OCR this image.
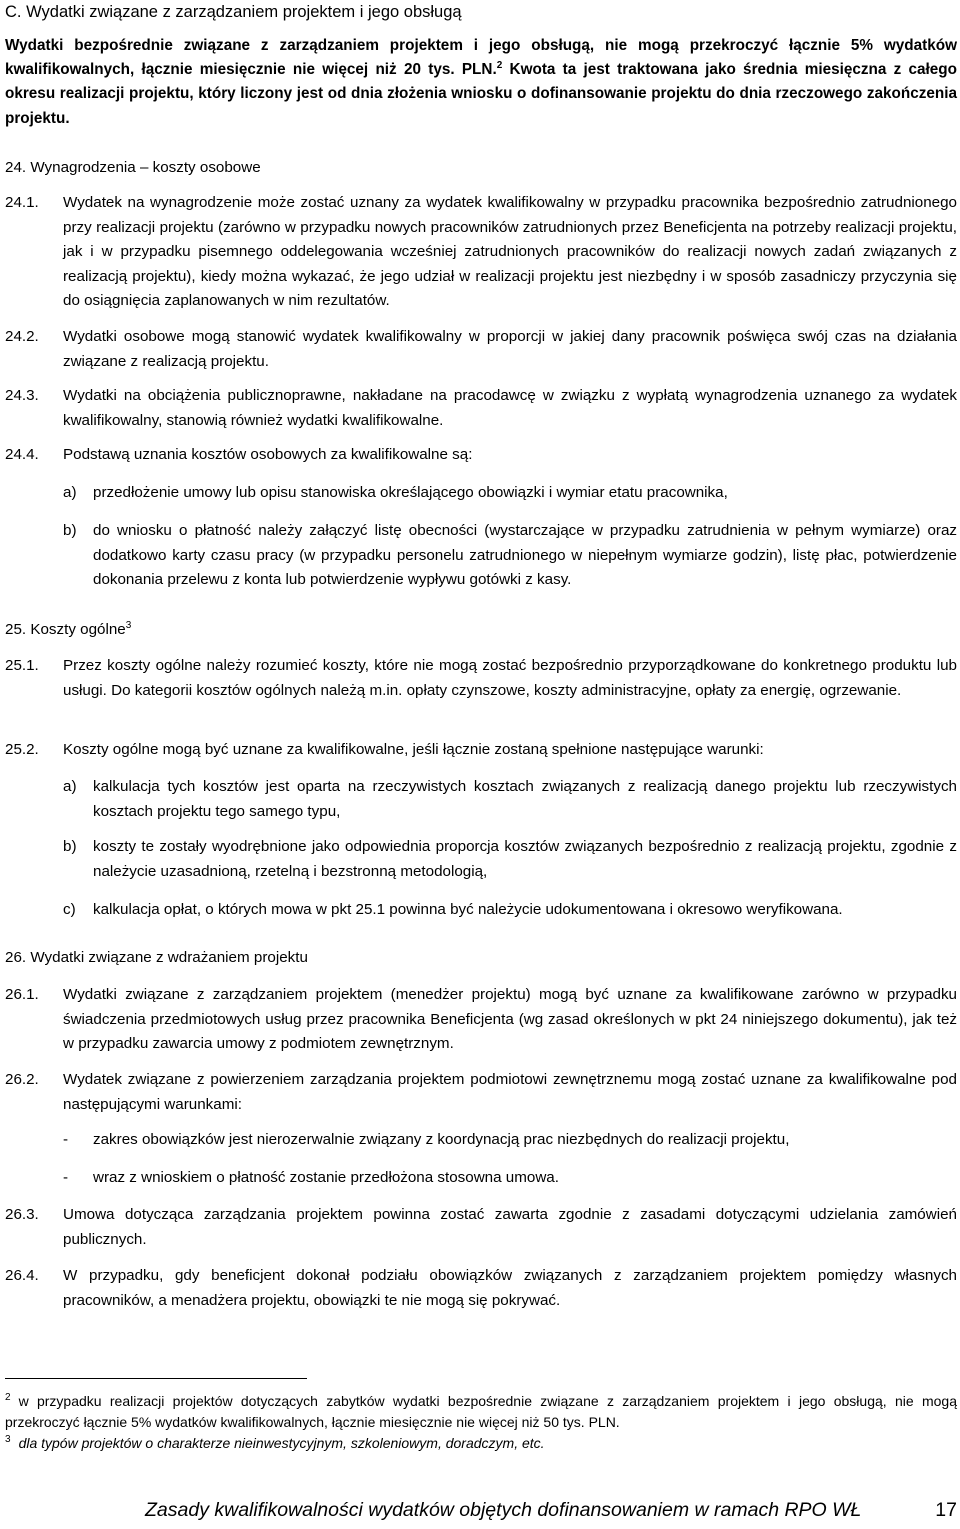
C. Wydatki związane z zarządzaniem projektem i jego obsługą
Wydatki bezpośrednie związane z zarządzaniem projektem i jego obsługą, nie mogą przekroczyć łącznie 5% wydatków kwalifikowalnych, łącznie miesięcznie nie więcej niż 20 tys. PLN.$^2$ Kwota ta jest traktowana jako średnia miesięczna z całego okresu realizacji projektu, który liczony jest od dnia złożenia wniosku o dofinansowanie projektu do dnia rzeczowego zakończenia projektu.
24. Wynagrodzenia – koszty osobowe
24.1. Wydatek na wynagrodzenie może zostać uznany za wydatek kwalifikowalny w przypadku pracownika bezpośrednio zatrudnionego przy realizacji projektu (zarówno w przypadku nowych pracowników zatrudnionych przez Beneficjenta na potrzeby realizacji projektu, jak i w przypadku pisemnego oddelegowania wcześniej zatrudnionych pracowników do realizacji nowych zadań związanych z realizacją projektu), kiedy można wykazać, że jego udział w realizacji projektu jest niezbędny i w sposób zasadniczy przyczynia się do osiągnięcia zaplanowanych w nim rezultatów.
24.2. Wydatki osobowe mogą stanowić wydatek kwalifikowalny w proporcji w jakiej dany pracownik poświęca swój czas na działania związane z realizacją projektu.
24.3. Wydatki na obciążenia publicznoprawne, nakładane na pracodawcę w związku z wypłatą wynagrodzenia uznanego za wydatek kwalifikowalny, stanowią również wydatki kwalifikowalne.
24.4. Podstawą uznania kosztów osobowych za kwalifikowalne są:
a) przedłożenie umowy lub opisu stanowiska określającego obowiązki i wymiar etatu pracownika,
b) do wniosku o płatność należy załączyć listę obecności (wystarczające w przypadku zatrudnienia w pełnym wymiarze) oraz dodatkowo karty czasu pracy (w przypadku personelu zatrudnionego w niepełnym wymiarze godzin), listę płac, potwierdzenie dokonania przelewu z konta lub potwierdzenie wypływu gotówki z kasy.
25. Koszty ogólne$^3$
25.1. Przez koszty ogólne należy rozumieć koszty, które nie mogą zostać bezpośrednio przyporządkowane do konkretnego produktu lub usługi. Do kategorii kosztów ogólnych należą m.in. opłaty czynszowe, koszty administracyjne, opłaty za energię, ogrzewanie.
25.2. Koszty ogólne mogą być uznane za kwalifikowalne, jeśli łącznie zostaną spełnione następujące warunki:
a) kalkulacja tych kosztów jest oparta na rzeczywistych kosztach związanych z realizacją danego projektu lub rzeczywistych kosztach projektu tego samego typu,
b) koszty te zostały wyodrębnione jako odpowiednia proporcja kosztów związanych bezpośrednio z realizacją projektu, zgodnie z należycie uzasadnioną, rzetelną i bezstronną metodologią,
c) kalkulacja opłat, o których mowa w pkt 25.1 powinna być należycie udokumentowana i okresowo weryfikowana.
26. Wydatki związane z wdrażaniem projektu
26.1. Wydatki związane z zarządzaniem projektem (menedżer projektu) mogą być uznane za kwalifikowane zarówno w przypadku świadczenia przedmiotowych usług przez pracownika Beneficjenta (wg zasad określonych w pkt 24 niniejszego dokumentu), jak też w przypadku zawarcia umowy z podmiotem zewnętrznym.
26.2. Wydatek związane z powierzeniem zarządzania projektem podmiotowi zewnętrznemu mogą zostać uznane za kwalifikowalne pod następującymi warunkami:
- zakres obowiązków jest nierozerwalnie związany z koordynacją prac niezbędnych do realizacji projektu,
- wraz z wnioskiem o płatność zostanie przedłożona stosowna umowa.
26.3. Umowa dotycząca zarządzania projektem powinna zostać zawarta zgodnie z zasadami dotyczącymi udzielania zamówień publicznych.
26.4. W przypadku, gdy beneficjent dokonał podziału obowiązków związanych z zarządzaniem projektem pomiędzy własnych pracowników, a menadżera projektu, obowiązki te nie mogą się pokrywać.
$^2$ w przypadku realizacji projektów dotyczących zabytków wydatki bezpośrednie związane z zarządzaniem projektem i jego obsługą, nie mogą przekroczyć łącznie 5% wydatków kwalifikowalnych, łącznie miesięcznie nie więcej niż 50 tys. PLN.
$^3$ dla typów projektów o charakterze nieinwestycyjnym, szkoleniowym, doradczym, etc.
Zasady kwalifikowalności wydatków objętych dofinansowaniem w ramach RPO WŁ	17
